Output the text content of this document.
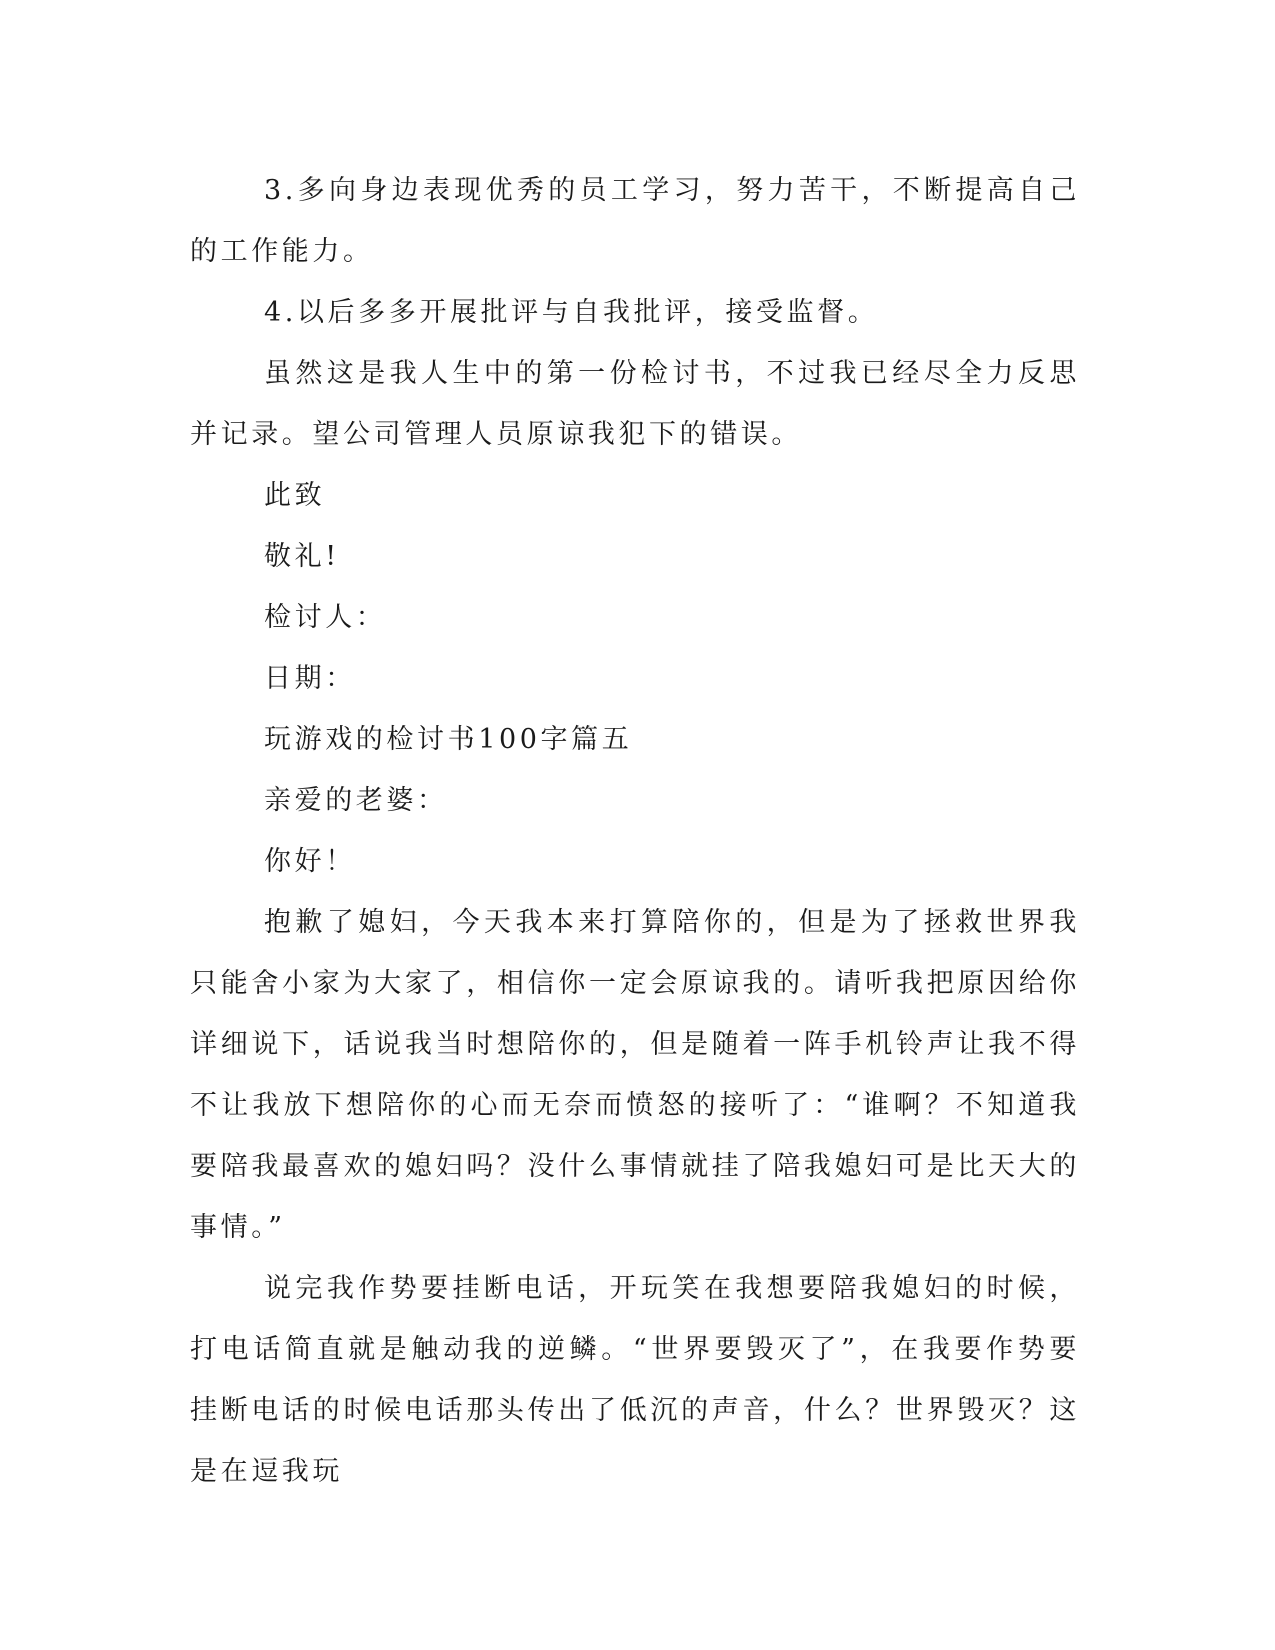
3.多向身边表现优秀的员工学习，努力苦干，不断提高自己的工作能力。

4.以后多多开展批评与自我批评，接受监督。

虽然这是我人生中的第一份检讨书，不过我已经尽全力反思并记录。望公司管理人员原谅我犯下的错误。

此致

敬礼!

检讨人：

日期：

玩游戏的检讨书100字篇五

亲爱的老婆：

你好！

抱歉了媳妇，今天我本来打算陪你的，但是为了拯救世界我只能舍小家为大家了，相信你一定会原谅我的。请听我把原因给你详细说下，话说我当时想陪你的，但是随着一阵手机铃声让我不得不让我放下想陪你的心而无奈而愤怒的接听了：“谁啊？不知道我要陪我最喜欢的媳妇吗？没什么事情就挂了陪我媳妇可是比天大的事情。”

说完我作势要挂断电话，开玩笑在我想要陪我媳妇的时候，打电话简直就是触动我的逆鳞。“世界要毁灭了”，在我要作势要挂断电话的时候电话那头传出了低沉的声音，什么？世界毁灭？这是在逗我玩
